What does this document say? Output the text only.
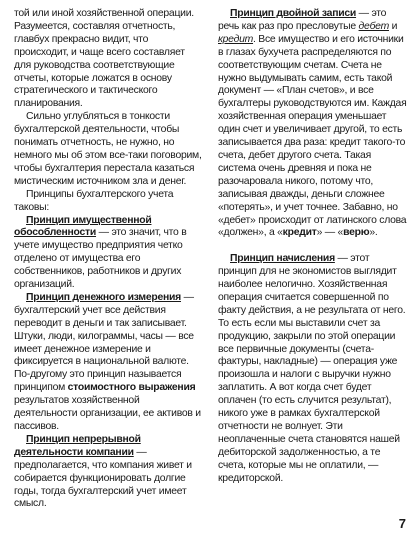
той или иной хозяйственной операции. Разумеется, составляя отчетность, главбух прекрасно видит, что происходит, и чаще всего составляет для руководства соответствующие отчеты, которые ложатся в основу стратегического и тактического планирования.

Сильно углубляться в тонкости бухгалтерской деятельности, чтобы понимать отчетность, не нужно, но немного мы об этом все-таки поговорим, чтобы бухгалтерия перестала казаться мистическим источником зла и денег.

Принципы бухгалтерского учета таковы:

Принцип имущественной обособленности — это значит, что в учете имущество предприятия четко отделено от имущества его собственников, работников и других организаций.

Принцип денежного измерения — бухгалтерский учет все действия переводит в деньги и так записывает. Штуки, люди, килограммы, часы — все имеет денежное измерение и фиксируется в национальной валюте. По-другому это принцип называется принципом стоимостного выражения результатов хозяйственной деятельности организации, ее активов и пассивов.

Принцип непрерывной деятельности компании — предполагается, что компания живет и собирается функционировать долгие годы, тогда бухгалтерский учет имеет смысл.

Принцип двойной записи — это речь как раз про пресловутые дебет и кредит. Все имущество и его источники в глазах бухучета распределяются по соответствующим счетам. Счета не нужно выдумывать самим, есть такой документ — «План счетов», и все бухгалтеры руководствуются им. Каждая хозяйственная операция уменьшает один счет и увеличивает другой, то есть записывается два раза: кредит такого-то счета, дебет другого счета. Такая система очень древняя и пока не разочаровала никого, потому что, записывая дважды, деньги сложнее «потерять», и учет точнее. Забавно, но «дебет» происходит от латинского слова «должен», а «кредит» — «верю».

Принцип начисления — этот принцип для не экономистов выглядит наиболее нелогично. Хозяйственная операция считается совершенной по факту действия, а не результата от него. То есть если мы выставили счет за продукцию, закрыли по этой операции все первичные документы (счета-фактуры, накладные) — операция уже произошла и налоги с выручки нужно заплатить. А вот когда счет будет оплачен (то есть случится результат), никого уже в рамках бухгалтерской отчетности не волнует. Эти неоплаченные счета становятся нашей дебиторской задолженностью, а те счета, которые мы не оплатили, — кредиторской.

7
